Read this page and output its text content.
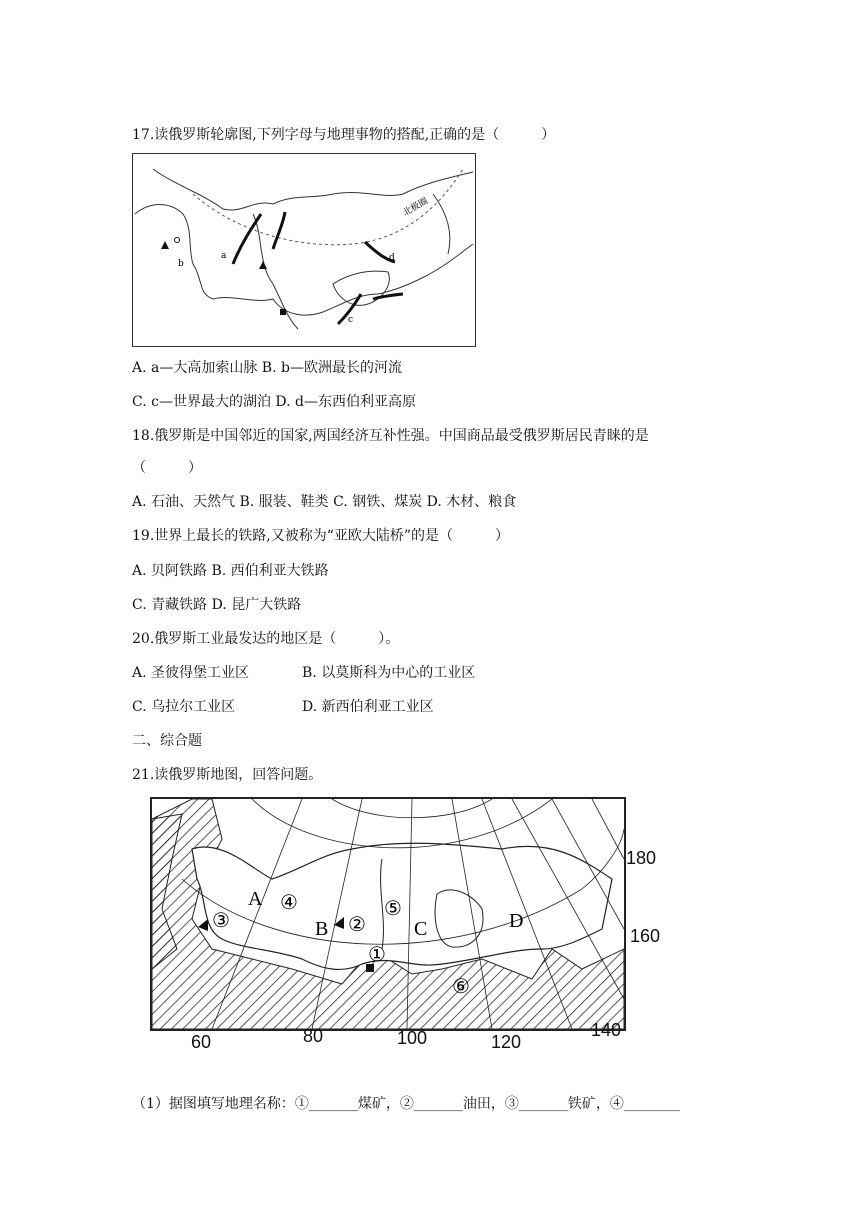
17.读俄罗斯轮廓图,下列字母与地理事物的搭配,正确的是（　　　）
a
b
c
d
北极圈
A. a—大高加索山脉 B. b—欧洲最长的河流
C. c—世界最大的湖泊 D. d—东西伯利亚高原
18.俄罗斯是中国邻近的国家,两国经济互补性强。中国商品最受俄罗斯居民青睐的是
（　　　）
A. 石油、天然气 B. 服装、鞋类 C. 钢铁、煤炭 D. 木材、粮食
19.世界上最长的铁路,又被称为“亚欧大陆桥”的是（　　　）
A. 贝阿铁路 B. 西伯利亚大铁路
C. 青藏铁路 D. 昆广大铁路
20.俄罗斯工业最发达的地区是（　　　）。
A. 圣彼得堡工业区	B. 以莫斯科为中心的工业区
C. 乌拉尔工业区	D. 新西伯利亚工业区
二、综合题
21.读俄罗斯地图，回答问题。
A
B	C	D
①
②
③
④	⑤
⑥
60	80	100	120
140
180
160
（1）据图填写地理名称：①_______煤矿，②_______油田，③_______铁矿，④________
